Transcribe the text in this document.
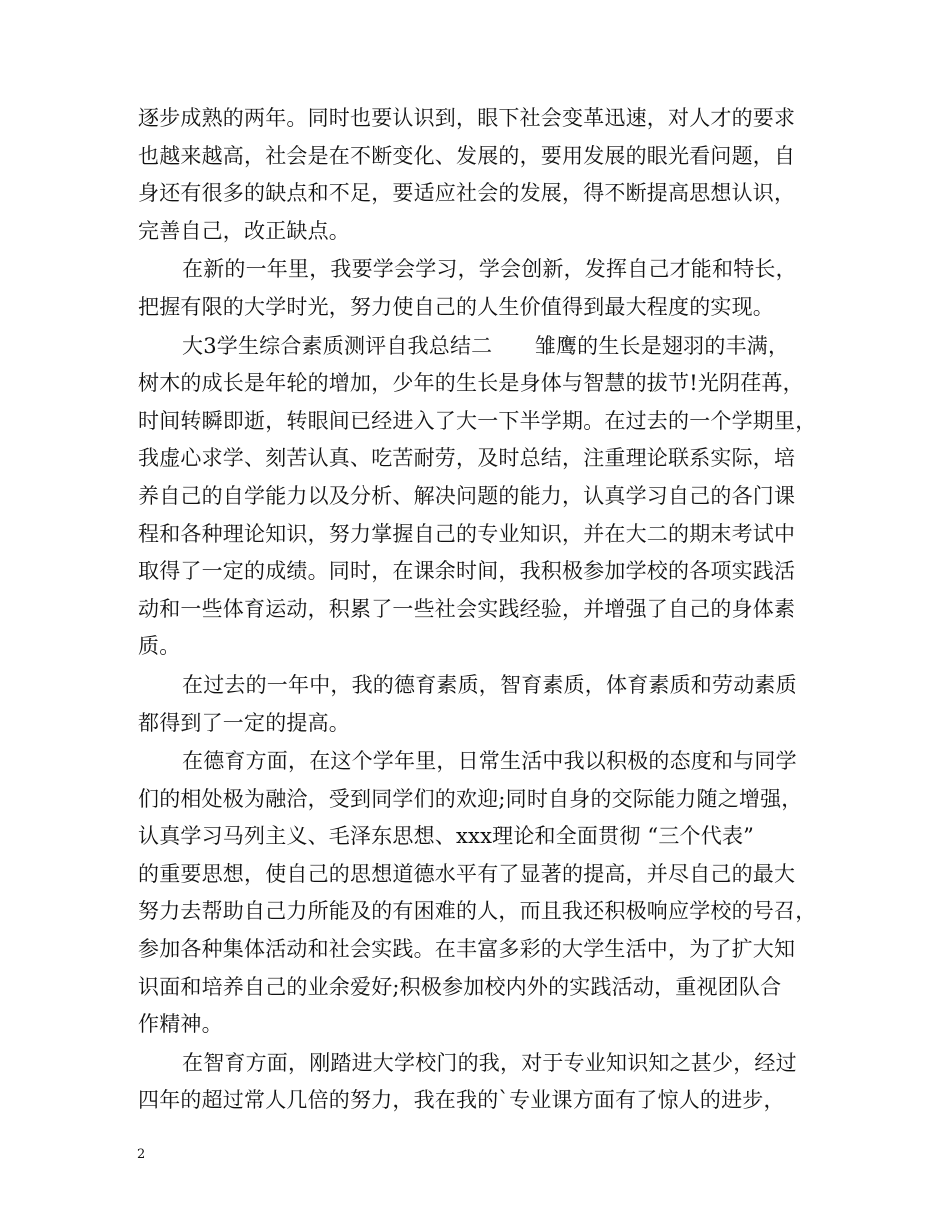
逐步成熟的两年。同时也要认识到，眼下社会变革迅速，对人才的要求
也越来越高，社会是在不断变化、发展的，要用发展的眼光看问题，自
身还有很多的缺点和不足，要适应社会的发展，得不断提高思想认识，
完善自己，改正缺点。
在新的一年里，我要学会学习，学会创新，发挥自己才能和特长，
把握有限的大学时光，努力使自己的人生价值得到最大程度的实现。
大3学生综合素质测评自我总结二　　雏鹰的生长是翅羽的丰满，
树木的成长是年轮的增加，少年的生长是身体与智慧的拔节!光阴荏苒，
时间转瞬即逝，转眼间已经进入了大一下半学期。在过去的一个学期里，
我虚心求学、刻苦认真、吃苦耐劳，及时总结，注重理论联系实际，培
养自己的自学能力以及分析、解决问题的能力，认真学习自己的各门课
程和各种理论知识，努力掌握自己的专业知识，并在大二的期末考试中
取得了一定的成绩。同时，在课余时间，我积极参加学校的各项实践活
动和一些体育运动，积累了一些社会实践经验，并增强了自己的身体素
质。
在过去的一年中，我的德育素质，智育素质，体育素质和劳动素质
都得到了一定的提高。
在德育方面，在这个学年里，日常生活中我以积极的态度和与同学
们的相处极为融洽，受到同学们的欢迎;同时自身的交际能力随之增强，
认真学习马列主义、毛泽东思想、xxx理论和全面贯彻 “三个代表”
的重要思想，使自己的思想道德水平有了显著的提高，并尽自己的最大
努力去帮助自己力所能及的有困难的人，而且我还积极响应学校的号召，
参加各种集体活动和社会实践。在丰富多彩的大学生活中，为了扩大知
识面和培养自己的业余爱好;积极参加校内外的实践活动，重视团队合
作精神。
在智育方面，刚踏进大学校门的我，对于专业知识知之甚少，经过
四年的超过常人几倍的努力，我在我的`专业课方面有了惊人的进步，
2
